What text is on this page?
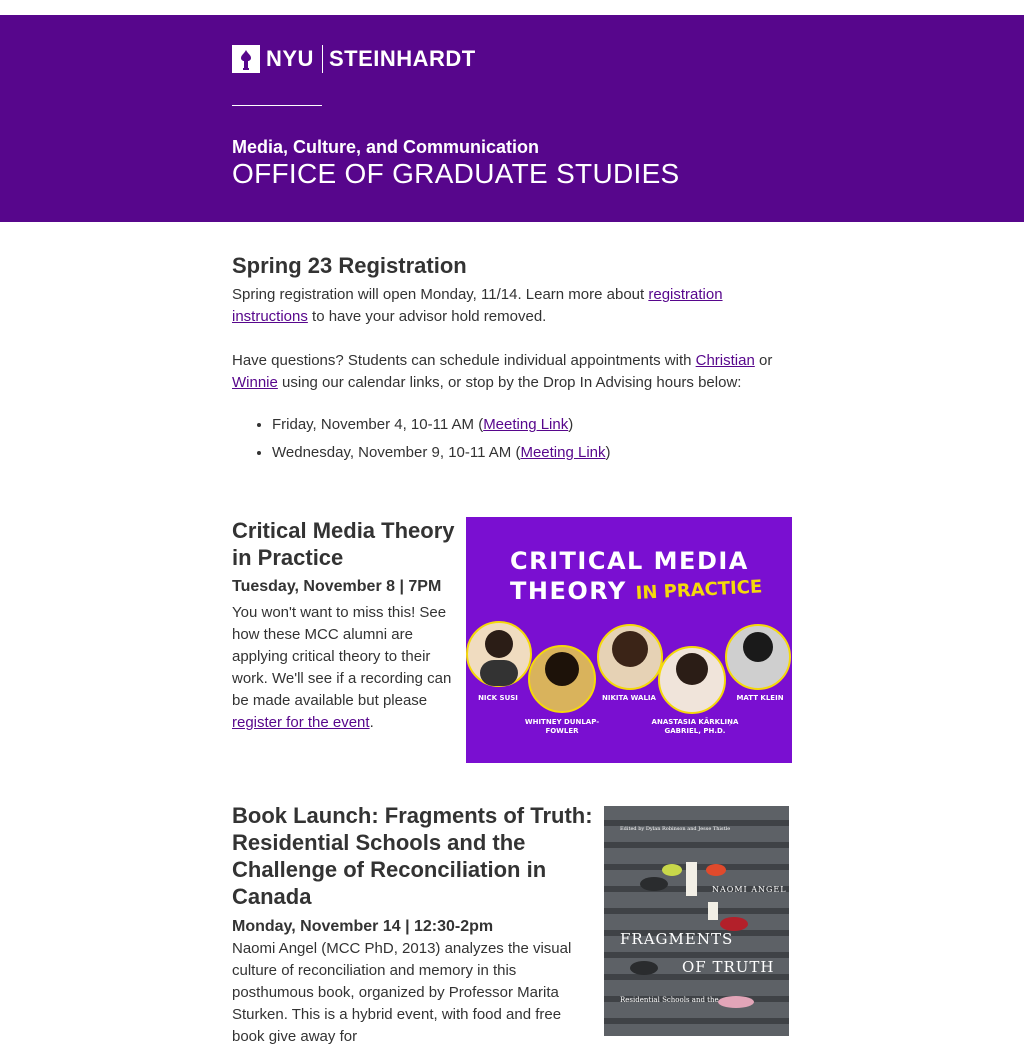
NYU STEINHARDT
Media, Culture, and Communication
OFFICE OF GRADUATE STUDIES
Spring 23 Registration

Spring registration will open Monday, 11/14. Learn more about registration instructions to have your advisor hold removed.

Have questions? Students can schedule individual appointments with Christian or Winnie using our calendar links, or stop by the Drop In Advising hours below:

• Friday, November 4, 10-11 AM (Meeting Link)
• Wednesday, November 9, 10-11 AM (Meeting Link)
Critical Media Theory in Practice
Tuesday, November 8 | 7PM

You won't want to miss this! See how these MCC alumni are applying critical theory to their work. We'll see if a recording can be made available but please register for the event.

CRITICAL MEDIA
THEORY IN PRACTICE
NICK SUSI
WHITNEY DUNLAP-
FOWLER
NIKITA WALIA
ANASTASIA KĀRKLIŅA
GABRIEL, PH.D.
MATT KLEIN
Book Launch: Fragments of Truth: Residential Schools and the Challenge of Reconciliation in Canada
Monday, November 14 | 12:30-2pm

Naomi Angel (MCC PhD, 2013) analyzes the visual culture of reconciliation and memory in this posthumous book, organized by Professor Marita Sturken. This is a hybrid event, with food and free book give away for

Edited by Dylan Robinson and Jesse Thistle
NAOMI ANGEL
FRAGMENTS
OF TRUTH
Residential Schools and the
